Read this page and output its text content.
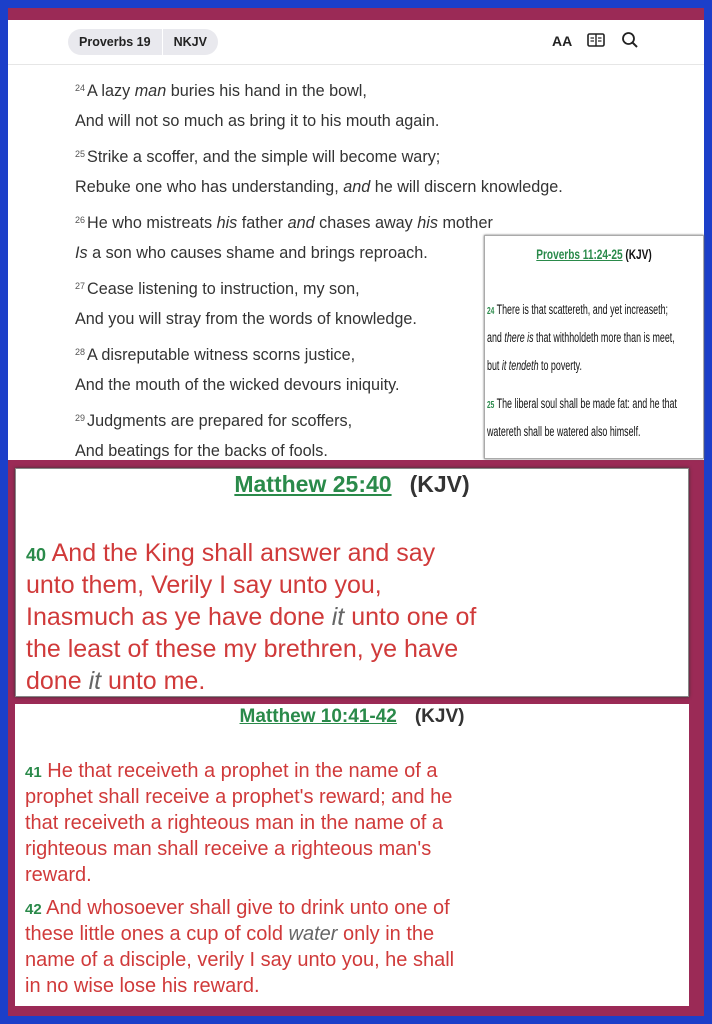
Proverbs 19	NKJV	AA
$^{24}$ A lazy man buries his hand in the bowl,
And will not so much as bring it to his mouth again.
$^{25}$ Strike a scoffer, and the simple will become wary;
Rebuke one who has understanding, and he will discern knowledge.
$^{26}$ He who mistreats his father and chases away his mother
Is a son who causes shame and brings reproach.
$^{27}$ Cease listening to instruction, my son,
And you will stray from the words of knowledge.
$^{28}$ A disreputable witness scorns justice,
And the mouth of the wicked devours iniquity.
$^{29}$ Judgments are prepared for scoffers,
And beatings for the backs of fools.
Proverbs 11:24-25 (KJV)
24 There is that scattereth, and yet increaseth;
and there is that withholdeth more than is meet,
but it tendeth to poverty.
25 The liberal soul shall be made fat: and he that
watereth shall be watered also himself.
Matthew 25:40 (KJV)
40 And the King shall answer and say
unto them, Verily I say unto you,
Inasmuch as ye have done it unto one of
the least of these my brethren, ye have
done it unto me.
Matthew 10:41-42 (KJV)
41 He that receiveth a prophet in the name of a
prophet shall receive a prophet's reward; and he
that receiveth a righteous man in the name of a
righteous man shall receive a righteous man's
reward.
42 And whosoever shall give to drink unto one of
these little ones a cup of cold water only in the
name of a disciple, verily I say unto you, he shall
in no wise lose his reward.
